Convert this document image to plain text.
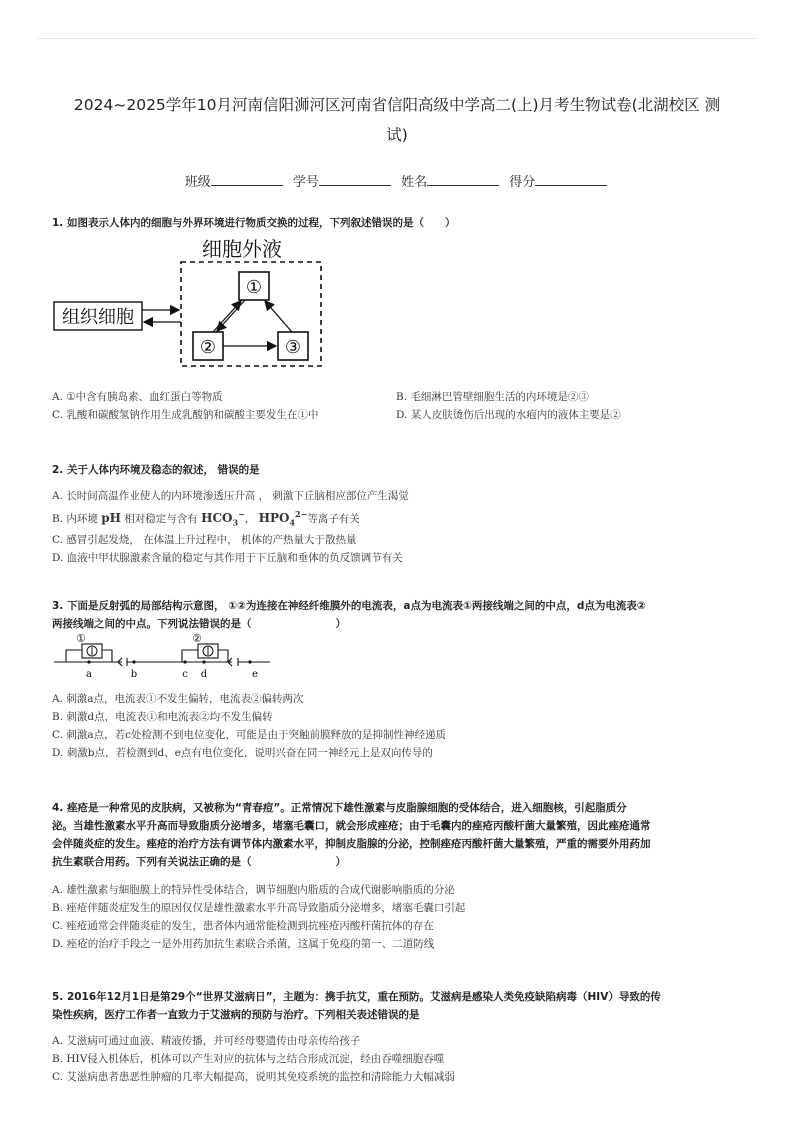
2024~2025学年10月河南信阳浉河区河南省信阳高级中学高二(上)月考生物试卷(北湖校区 测
试)
班级	学号	姓名	得分
1. 如图表示人体内的细胞与外界环境进行物质交换的过程，下列叙述错误的是（　　）
细胞外液
组织细胞
①
②	③
A. ①中含有胰岛素、血红蛋白等物质	B. 毛细淋巴管壁细胞生活的内环境是②③
C. 乳酸和碳酸氢钠作用生成乳酸钠和碳酸主要发生在①中	D. 某人皮肤烫伤后出现的水疱内的液体主要是②
2. 关于人体内环境及稳态的叙述， 错误的是
A. 长时间高温作业使人的内环境渗透压升高 ， 刺激下丘脑相应部位产生渴觉
B. 内环境 pH 相对稳定与含有 $HCO_3^-$， $HPO_4^{2-}$等离子有关
C. 感冒引起发烧， 在体温上升过程中， 机体的产热量大于散热量
D. 血液中甲状腺激素含量的稳定与其作用于下丘脑和垂体的负反馈调节有关
3. 下面是反射弧的局部结构示意图， ①②为连接在神经纤维膜外的电流表，a点为电流表①两接线端之间的中点，d点为电流表②
两接线端之间的中点。下列说法错误的是（　　　　　　　　）
①	②
a	b	c d	e
A. 刺激a点，电流表①不发生偏转，电流表②偏转两次
B. 刺激d点，电流表①和电流表②均不发生偏转
C. 刺激a点，若c处检测不到电位变化，可能是由于突触前膜释放的是抑制性神经递质
D. 刺激b点，若检测到d、e点有电位变化，说明兴奋在同一神经元上是双向传导的
4. 痤疮是一种常见的皮肤病，又被称为“青春痘”。正常情况下雄性激素与皮脂腺细胞的受体结合，进入细胞核，引起脂质分
泌。当雄性激素水平升高而导致脂质分泌增多，堵塞毛囊口，就会形成痤疮；由于毛囊内的痤疮丙酸杆菌大量繁殖，因此痤疮通常
会伴随炎症的发生。痤疮的治疗方法有调节体内激素水平，抑制皮脂腺的分泌，控制痤疮丙酸杆菌大量繁殖，严重的需要外用药加
抗生素联合用药。下列有关说法正确的是（　　　　　　　　）
A. 雄性激素与細胞膜上的特异性受体结合，调节细胞内脂质的合成代谢影响脂质的分泌
B. 痤疮伴随炎症发生的原因仅仅是雄性激素水平升高导致脂质分泌增多，堵塞毛囊口引起
C. 痤疮通常会伴随炎症的发生，患者体内通常能检测到抗痤疮丙酸杆菌抗体的存在
D. 痤疮的治疗手段之一是外用药加抗生素联合杀菌，这属于免疫的第一、二道防线
5. 2016年12月1日是第29个“世界艾滋病日”，主题为：携手抗艾，重在预防。艾滋病是感染人类免疫缺陷病毒（HIV）导致的传
染性疾病，医疗工作者一直致力于艾滋病的预防与治疗。下列相关表述错误的是
A. 艾滋病可通过血液、精液传播，并可经母婴遗传由母亲传给孩子
B. HIV侵入机体后，机体可以产生对应的抗体与之结合形成沉淀，经由吞噬细胞吞噬
C. 艾滋病患者患恶性肿瘤的几率大幅提高，说明其免疫系统的监控和清除能力大幅减弱
